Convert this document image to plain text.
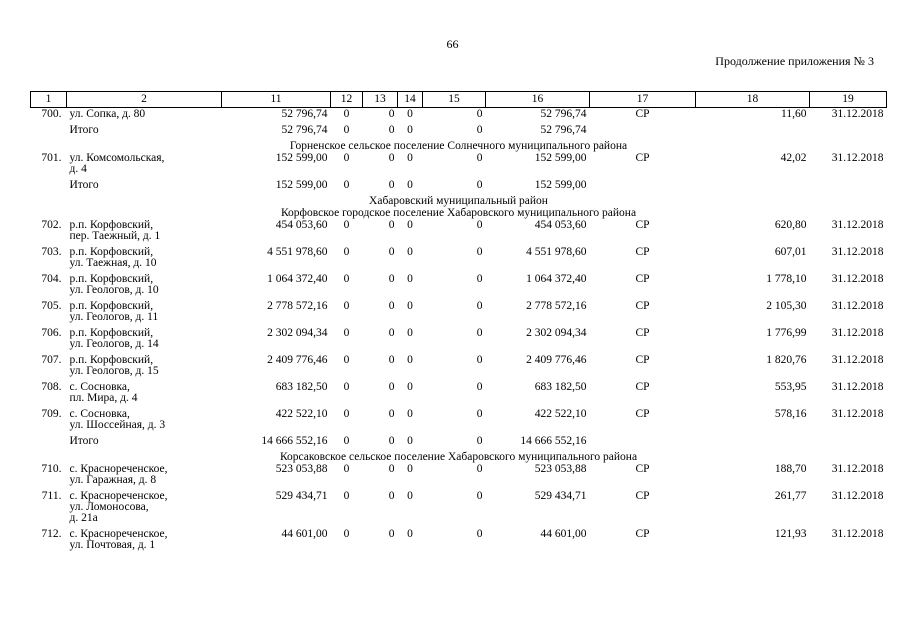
66
Продолжение приложения № 3
1	2	11	12	13	14	15	16	17	18	19
700.	ул. Сопка, д. 80	52 796,74	0	0	0	0	52 796,74	СР	11,60	31.12.2018
	Итого	52 796,74	0	0	0	0	52 796,74			
Горненское сельское поселение Солнечного муниципального района										
701.	ул. Комсомольская,
д. 4	152 599,00	0	0	0	0	152 599,00	СР	42,02	31.12.2018
	Итого	152 599,00	0	0	0	0	152 599,00			
Хабаровский муниципальный район										
Корфовское городское поселение Хабаровского муниципального района										
702.	р.п. Корфовский,
пер. Таежный, д. 1	454 053,60	0	0	0	0	454 053,60	СР	620,80	31.12.2018
703.	р.п. Корфовский,
ул. Таежная, д. 10	4 551 978,60	0	0	0	0	4 551 978,60	СР	607,01	31.12.2018
704.	р.п. Корфовский,
ул. Геологов, д. 10	1 064 372,40	0	0	0	0	1 064 372,40	СР	1 778,10	31.12.2018
705.	р.п. Корфовский,
ул. Геологов, д. 11	2 778 572,16	0	0	0	0	2 778 572,16	СР	2 105,30	31.12.2018
706.	р.п. Корфовский,
ул. Геологов, д. 14	2 302 094,34	0	0	0	0	2 302 094,34	СР	1 776,99	31.12.2018
707.	р.п. Корфовский,
ул. Геологов, д. 15	2 409 776,46	0	0	0	0	2 409 776,46	СР	1 820,76	31.12.2018
708.	с. Сосновка,
пл. Мира, д. 4	683 182,50	0	0	0	0	683 182,50	СР	553,95	31.12.2018
709.	с. Сосновка,
ул. Шоссейная, д. 3	422 522,10	0	0	0	0	422 522,10	СР	578,16	31.12.2018
	Итого	14 666 552,16	0	0	0	0	14 666 552,16			
Корсаковское сельское поселение Хабаровского муниципального района										
710.	с. Краснореченское,
ул. Гаражная, д. 8	523 053,88	0	0	0	0	523 053,88	СР	188,70	31.12.2018
711.	с. Красноречeнское,
ул. Ломоносова,
д. 21а	529 434,71	0	0	0	0	529 434,71	СР	261,77	31.12.2018
712.	с. Красноречeнское,
ул. Почтовая, д. 1	44 601,00	0	0	0	0	44 601,00	СР	121,93	31.12.2018
